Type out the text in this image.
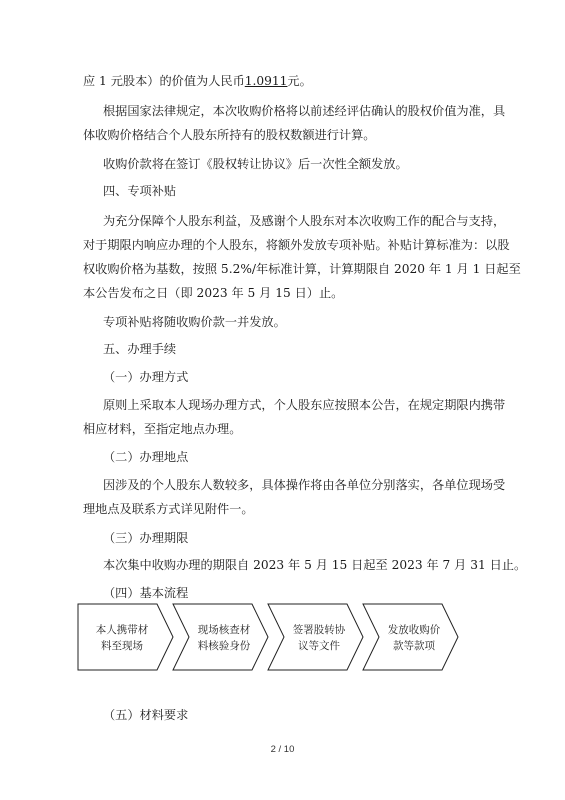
应 1 元股本）的价值为人民币1.0911元。
根据国家法律规定，本次收购价格将以前述经评估确认的股权价值为准，具
体收购价格结合个人股东所持有的股权数额进行计算。
收购价款将在签订《股权转让协议》后一次性全额发放。
四、专项补贴
为充分保障个人股东利益，及感谢个人股东对本次收购工作的配合与支持，
对于期限内响应办理的个人股东，将额外发放专项补贴。补贴计算标准为：以股
权收购价格为基数，按照 5.2%/年标准计算，计算期限自 2020 年 1 月 1 日起至
本公告发布之日（即 2023 年 5 月 15 日）止。
专项补贴将随收购价款一并发放。
五、办理手续
（一）办理方式
原则上采取本人现场办理方式，个人股东应按照本公告，在规定期限内携带
相应材料，至指定地点办理。
（二）办理地点
因涉及的个人股东人数较多，具体操作将由各单位分别落实，各单位现场受
理地点及联系方式详见附件一。
（三）办理期限
本次集中收购办理的期限自 2023 年 5 月 15 日起至 2023 年 7 月 31 日止。
（四）基本流程
本人携带材
料至现场
现场核查材
料核验身份
签署股转协
议等文件
发放收购价
款等款项
（五）材料要求
2 / 10
